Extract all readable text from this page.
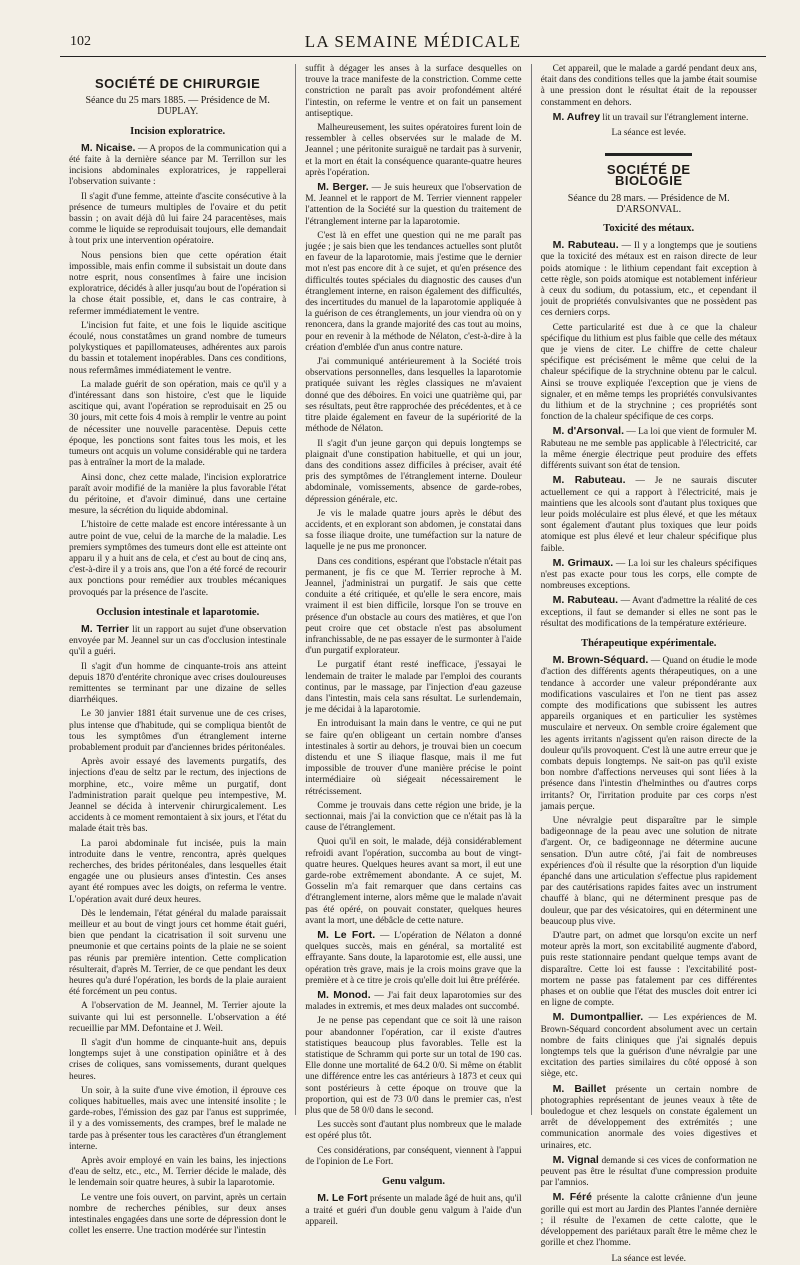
102	LA SEMAINE MÉDICALE
SOCIÉTÉ DE CHIRURGIE
Séance du 25 mars 1885. — Présidence de M. DUPLAY.
Incision exploratrice.

M. Nicaise. — A propos de la communication qui a été faite à la dernière séance par M. Terrillon sur les incisions abdominales exploratrices, je rappellerai l'observation suivante :

Il s'agit d'une femme, atteinte d'ascite consécutive à la présence de tumeurs multiples de l'ovaire et du petit bassin ; on avait déjà dû lui faire 24 paracentèses, mais comme le liquide se reproduisait toujours, elle demandait à tout prix une intervention opératoire.

Nous pensions bien que cette opération était impossible, mais enfin comme il subsistait un doute dans notre esprit, nous consentîmes à faire une incision exploratrice, décidés à aller jusqu'au bout de l'opération si la chose était possible, et, dans le cas contraire, à refermer immédiatement le ventre.

L'incision fut faite, et une fois le liquide ascitique écoulé, nous constatâmes un grand nombre de tumeurs polykystiques et papillomateuses, adhérentes aux parois du bassin et totalement inopérables. Dans ces conditions, nous refermâmes immédiatement le ventre.

La malade guérit de son opération, mais ce qu'il y a d'intéressant dans son histoire, c'est que le liquide ascitique qui, avant l'opération se reproduisait en 25 ou 30 jours, mit cette fois 4 mois à remplir le ventre au point de nécessiter une nouvelle paracentèse. Depuis cette époque, les ponctions sont faites tous les mois, et les tumeurs ont acquis un volume considérable qui ne tardera pas à entraîner la mort de la malade.

Ainsi donc, chez cette malade, l'incision exploratrice paraît avoir modifié de la manière la plus favorable l'état du péritoine, et d'avoir diminué, dans une certaine mesure, la sécrétion du liquide abdominal.

L'histoire de cette malade est encore intéressante à un autre point de vue, celui de la marche de la maladie. Les premiers symptômes des tumeurs dont elle est atteinte ont apparu il y a huit ans de cela, et c'est au bout de cinq ans, c'est-à-dire il y a trois ans, que l'on a été forcé de recourir aux ponctions pour remédier aux troubles mécaniques provoqués par la présence de l'ascite.

Occlusion intestinale et laparotomie.

M. Terrier lit un rapport au sujet d'une observation envoyée par M. Jeannel sur un cas d'occlusion intestinale qu'il a guéri.

Il s'agit d'un homme de cinquante-trois ans atteint depuis 1870 d'entérite chronique avec crises douloureuses remittentes se terminant par une dizaine de selles diarrhéiques.

Le 30 janvier 1881 était survenue une de ces crises, plus intense que d'habitude, qui se compliqua bientôt de tous les symptômes d'un étranglement interne probablement produit par d'anciennes brides péritonéales.

Après avoir essayé des lavements purgatifs, des injections d'eau de seltz par le rectum, des injections de morphine, etc., voire même un purgatif, dont l'administration parait quelque peu intempestive, M. Jeannel se décida à intervenir chirurgicalement. Les accidents à ce moment remontaient à six jours, et l'état du malade était très bas.

La paroi abdominale fut incisée, puis la main introduite dans le ventre, rencontra, après quelques recherches, des brides péritonéales, dans lesquelles était engagée une ou plusieurs anses d'intestin. Ces anses ayant été rompues avec les doigts, on referma le ventre. L'opération avait duré deux heures.

Dès le lendemain, l'état général du malade paraissait meilleur et au bout de vingt jours cet homme était guéri, bien que pendant la cicatrisation il soit survenu une pneumonie et que certains points de la plaie ne se soient pas réunis par première intention. Cette complication résulterait, d'après M. Terrier, de ce que pendant les deux heures qu'a duré l'opération, les bords de la plaie auraient été forcément un peu contus.

A l'observation de M. Jeannel, M. Terrier ajoute la suivante qui lui est personnelle. L'observation a été recueillie par MM. Defontaine et J. Weil.

Il s'agit d'un homme de cinquante-huit ans, depuis longtemps sujet à une constipation opiniâtre et à des crises de coliques, sans vomissements, durant quelques heures.

Un soir, à la suite d'une vive émotion, il éprouve ces coliques habituelles, mais avec une intensité insolite ; le garde-robes, l'émission des gaz par l'anus est supprimée, il y a des vomissements, des crampes, bref le malade ne tarde pas à présenter tous les caractères d'un étranglement interne.

Après avoir employé en vain les bains, les injections d'eau de seltz, etc., etc., M. Terrier décide le malade, dès le lendemain soir quatre heures, à subir la laparotomie.

Le ventre une fois ouvert, on parvint, après un certain nombre de recherches pénibles, sur deux anses intestinales engagées dans une sorte de dépression dont le collet les enserre. Une traction modérée sur l'intestin

suffit à dégager les anses à la surface desquelles on trouve la trace manifeste de la constriction. Comme cette constriction ne paraît pas avoir profondément altéré l'intestin, on referme le ventre et on fait un pansement antiseptique.

Malheureusement, les suites opératoires furent loin de ressembler à celles observées sur le malade de M. Jeannel ; une péritonite suraiguë ne tardait pas à survenir, et la mort en était la conséquence quarante-quatre heures après l'opération.

M. Berger. — Je suis heureux que l'observation de M. Jeannel et le rapport de M. Terrier viennent rappeler l'attention de la Société sur la question du traitement de l'étranglement interne par la laparotomie.

C'est là en effet une question qui ne me paraît pas jugée ; je sais bien que les tendances actuelles sont plutôt en faveur de la laparotomie, mais j'estime que le dernier mot n'est pas encore dit à ce sujet, et qu'en présence des difficultés toutes spéciales du diagnostic des causes d'un étranglement interne, en raison également des difficultés, des incertitudes du manuel de la laparotomie appliquée à la guérison de ces étranglements, un jour viendra où on y renoncera, dans la grande majorité des cas tout au moins, pour en revenir à la méthode de Nélaton, c'est-à-dire à la création d'emblée d'un anus contre nature.

J'ai communiqué antérieurement à la Société trois observations personnelles, dans lesquelles la laparotomie pratiquée suivant les règles classiques ne m'avaient donné que des déboires. En voici une quatrième qui, par ses résultats, peut être rapprochée des précédentes, et à ce titre plaide également en faveur de la supériorité de la méthode de Nélaton.

Il s'agit d'un jeune garçon qui depuis longtemps se plaignait d'une constipation habituelle, et qui un jour, dans des conditions assez difficiles à préciser, avait été pris des symptômes de l'étranglement interne. Douleur abdominale, vomissements, absence de garde-robes, dépression générale, etc.

Je vis le malade quatre jours après le début des accidents, et en explorant son abdomen, je constatai dans sa fosse iliaque droite, une tuméfaction sur la nature de laquelle je ne pus me prononcer.

Dans ces conditions, espérant que l'obstacle n'était pas permanent, je fis ce que M. Terrier reproche à M. Jeannel, j'administrai un purgatif. Je sais que cette conduite a été critiquée, et qu'elle le sera encore, mais vraiment il est bien difficile, lorsque l'on se trouve en présence d'un obstacle au cours des matières, et que l'on peut croire que cet obstacle n'est pas absolument infranchissable, de ne pas essayer de le surmonter à l'aide d'un purgatif explorateur.

Le purgatif étant resté inefficace, j'essayai le lendemain de traiter le malade par l'emploi des courants continus, par le massage, par l'injection d'eau gazeuse dans l'intestin, mais cela sans résultat. Le surlendemain, je me décidai à la laparotomie.

En introduisant la main dans le ventre, ce qui ne put se faire qu'en obligeant un certain nombre d'anses intestinales à sortir au dehors, je trouvai bien un coecum distendu et une S iliaque flasque, mais il me fut impossible de trouver d'une manière précise le point intermédiaire où siégeait nécessairement le rétrécissement.

Comme je trouvais dans cette région une bride, je la sectionnai, mais j'ai la conviction que ce n'était pas là la cause de l'étranglement.

Quoi qu'il en soit, le malade, déjà considérablement refroidi avant l'opération, succomba au bout de vingt-quatre heures. Quelques heures avant sa mort, il eut une garde-robe extrêmement abondante. A ce sujet, M. Gosselin m'a fait remarquer que dans certains cas d'étranglement interne, alors même que le malade n'avait pas été opéré, on pouvait constater, quelques heures avant la mort, une débâcle de cette nature.

M. Le Fort. — L'opération de Nélaton a donné quelques succès, mais en général, sa mortalité est effrayante. Sans doute, la laparotomie est, elle aussi, une opération très grave, mais je la crois moins grave que la première et à ce titre je crois qu'elle doit lui être préférée.

M. Monod. — J'ai fait deux laparotomies sur des malades in extremis, et mes deux malades ont succombé.

Je ne pense pas cependant que ce soit là une raison pour abandonner l'opération, car il existe d'autres statistiques beaucoup plus favorables. Telle est la statistique de Schramm qui porte sur un total de 190 cas. Elle donne une mortalité de 64.2 0/0. Si même on établit une différence entre les cas antérieurs à 1873 et ceux qui sont postérieurs à cette époque on trouve que la proportion, qui est de 73 0/0 dans le premier cas, n'est plus que de 58 0/0 dans le second.

Les succès sont d'autant plus nombreux que le malade est opéré plus tôt.

Ces considérations, par conséquent, viennent à l'appui de l'opinion de Le Fort.

Genu valgum.

M. Le Fort présente un malade âgé de huit ans, qu'il a traité et guéri d'un double genu valgum à l'aide d'un appareil.

Cet appareil, que le malade a gardé pendant deux ans, était dans des conditions telles que la jambe était soumise à une pression dont le résultat était de la repousser constamment en dehors.

M. Aufrey lit un travail sur l'étranglement interne.

La séance est levée.
SOCIÉTÉ DE BIOLOGIE
Séance du 28 mars. — Présidence de M. D'ARSONVAL.
Toxicité des métaux.

M. Rabuteau. — Il y a longtemps que je soutiens que la toxicité des métaux est en raison directe de leur poids atomique : le lithium cependant fait exception à cette règle, son poids atomique est notablement inférieur à ceux du sodium, du potassium, etc., et cependant il jouit de propriétés convulsivantes que ne possèdent pas ces derniers corps.

Cette particularité est due à ce que la chaleur spécifique du lithium est plus faible que celle des métaux que je viens de citer. Le chiffre de cette chaleur spécifique est précisément le même que celui de la chaleur spécifique de la strychnine obtenu par le calcul. Ainsi se trouve expliquée l'exception que je viens de signaler, et en même temps les propriétés convulsivantes du lithium et de la strychnine ; ces propriétés sont fonction de la chaleur spécifique de ces corps.

M. d'Arsonval. — La loi que vient de formuler M. Rabuteau ne me semble pas applicable à l'électricité, car la même énergie électrique peut produire des effets différents suivant son état de tension.

M. Rabuteau. — Je ne saurais discuter actuellement ce qui a rapport à l'électricité, mais je maintiens que les alcools sont d'autant plus toxiques que leur poids moléculaire est plus élevé, et que les métaux sont également d'autant plus toxiques que leur poids atomique est plus élevé et leur chaleur spécifique plus faible.

M. Grimaux. — La loi sur les chaleurs spécifiques n'est pas exacte pour tous les corps, elle compte de nombreuses exceptions.

M. Rabuteau. — Avant d'admettre la réalité de ces exceptions, il faut se demander si elles ne sont pas le résultat des modifications de la température extérieure.

Thérapeutique expérimentale.

M. Brown-Séquard. — Quand on étudie le mode d'action des différents agents thérapeutiques, on a une tendance à accorder une valeur prépondérante aux modifications vasculaires et l'on ne tient pas assez compte des modifications que subissent les autres appareils organiques et en particulier les systèmes musculaire et nerveux. On semble croire également que les agents irritants n'agissent qu'en raison directe de la douleur qu'ils provoquent. C'est là une autre erreur que je combats depuis longtemps. Ne sait-on pas qu'il existe bon nombre d'affections nerveuses qui sont liées à la présence dans l'intestin d'helminthes ou d'autres corps irritants? Or, l'irritation produite par ces corps n'est jamais perçue.

Une névralgie peut disparaître par le simple badigeonnage de la peau avec une solution de nitrate d'argent. Or, ce badigeonnage ne détermine aucune sensation. D'un autre côté, j'ai fait de nombreuses expériences d'où il résulte que la résorption d'un liquide épanché dans une articulation s'effectue plus rapidement par des cautérisations rapides faites avec un instrument chauffé à blanc, qui ne déterminent presque pas de douleur, que par des vésicatoires, qui en déterminent une beaucoup plus vive.

D'autre part, on admet que lorsqu'on excite un nerf moteur après la mort, son excitabilité augmente d'abord, puis reste stationnaire pendant quelque temps avant de disparaître. Cette loi est fausse : l'excitabilité post-mortem ne passe pas fatalement par ces différentes phases et on oublie que l'état des muscles doit entrer ici en ligne de compte.

M. Dumontpallier. — Les expériences de M. Brown-Séquard concordent absolument avec un certain nombre de faits cliniques que j'ai signalés depuis longtemps tels que la guérison d'une névralgie par une excitation des parties similaires du côté opposé à son siège, etc.

M. Baillet présente un certain nombre de photographies représentant de jeunes veaux à tête de bouledogue et chez lesquels on constate également un arrêt de développement des extrémités ; une communication anormale des voies digestives et urinaires, etc.

M. Vignal demande si ces vices de conformation ne peuvent pas être le résultat d'une compression produite par l'amnios.

M. Féré présente la calotte crânienne d'un jeune gorille qui est mort au Jardin des Plantes l'année dernière ; il résulte de l'examen de cette calotte, que le développement des pariétaux paraît être le même chez le gorille et chez l'homme.

La séance est levée.
